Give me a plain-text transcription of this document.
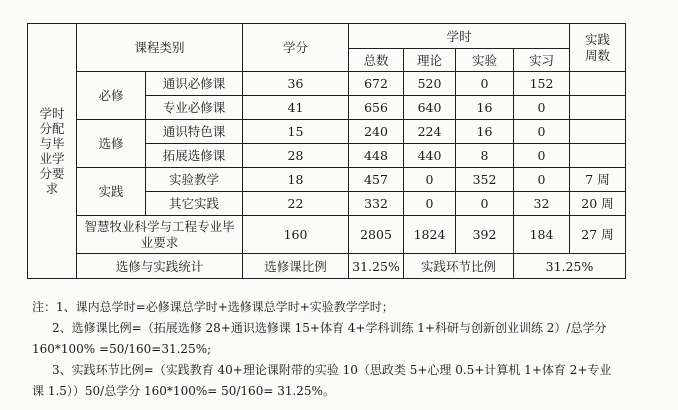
学时分配与毕业学分要求	课程类别		学分	学时				实践周数

				总数	理论	实验	实习	
	必修	通识必修课	36	672	520	0	152	
		专业必修课	41	656	640	16	0	
	选修	通识特色课	15	240	224	16	0	
		拓展选修课	28	448	440	8	0	
	实践	实验教学	18	457	0	352	0	7 周
		其它实践	22	332	0	0	32	20 周

	智慧牧业科学与工程专业毕业要求		160	2805	1824	392	184	27 周
	选修与实践统计		选修课比例	31.25%	实践环节比例		31.25%	

注：1、课内总学时=必修课总学时+选修课总学时+实验教学学时；

2、选修课比例=（拓展选修 28+通识选修课 15+体育 4+学科训练 1+科研与创新创业训练 2）/总学分

160*100% =50/160=31.25%;

3、实践环节比例=（实践教育 40+理论课附带的实验 10（思政类 5+心理 0.5+计算机 1+体育 2+专业

课 1.5））50/总学分 160*100%= 50/160= 31.25%。
